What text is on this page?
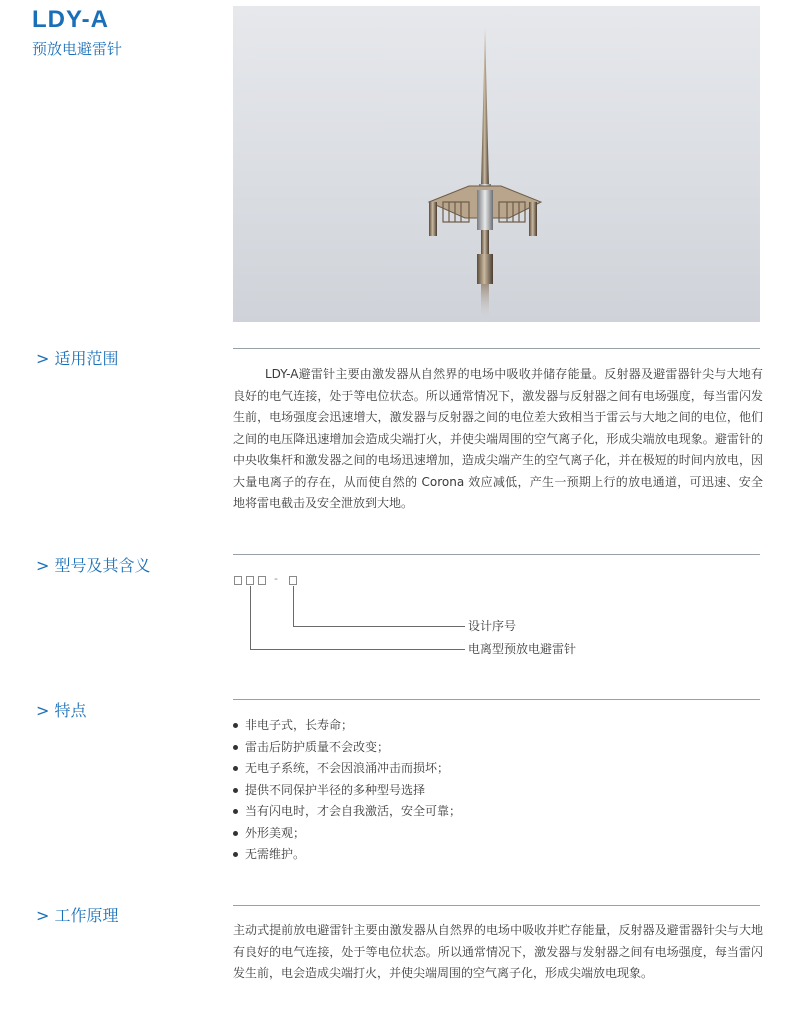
LDY-A

预放电避雷针

> 适用范围

LDY-A避雷针主要由激发器从自然界的电场中吸收并储存能量。反射器及避雷器针尖与大地有良好的电气连接，处于等电位状态。所以通常情况下，激发器与反射器之间有电场强度，每当雷闪发生前，电场强度会迅速增大，激发器与反射器之间的电位差大致相当于雷云与大地之间的电位，他们之间的电压降迅速增加会造成尖端打火，并使尖端周围的空气离子化，形成尖端放电现象。避雷针的中央收集杆和激发器之间的电场迅速增加，造成尖端产生的空气离子化，并在极短的时间内放电，因大量电离子的存在，从而使自然的 Corona 效应减低，产生一预期上行的放电通道，可迅速、安全地将雷电截击及安全泄放到大地。

> 型号及其含义
-
设计序号
电离型预放电避雷针
> 特点
非电子式，长寿命；
雷击后防护质量不会改变；
无电子系统，不会因浪涌冲击而损坏；
提供不同保护半径的多种型号选择
当有闪电时，才会自我激活，安全可靠；
外形美观；
无需维护。
> 工作原理

主动式提前放电避雷针主要由激发器从自然界的电场中吸收并贮存能量，反射器及避雷器针尖与大地有良好的电气连接，处于等电位状态。所以通常情况下，激发器与发射器之间有电场强度，每当雷闪发生前，电会造成尖端打火，并使尖端周围的空气离子化，形成尖端放电现象。
